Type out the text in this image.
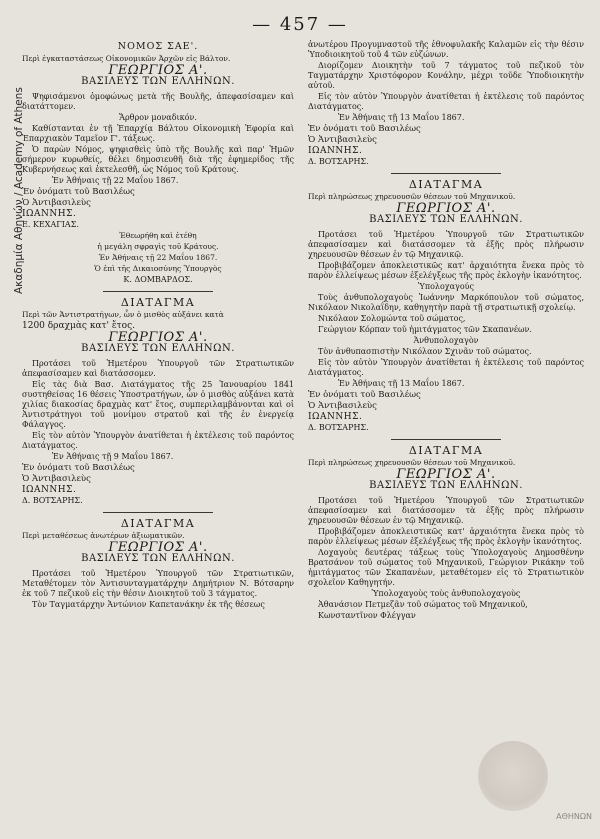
— 457 —
Ακαδημία Αθηνών / Academy of Athens
ΑΘΗΝΩΝ
ΝΟΜΟΣ ΣΑΕ'.

Περὶ ἐγκαταστάσεως Οἰκονομικῶν Ἀρχῶν εἰς Βάλτον.

ΓΕΩΡΓΙΟΣ Α'.
ΒΑΣΙΛΕΥΣ ΤΩΝ ΕΛΛΗΝΩΝ.

Ψηφισάμενοι ὁμοφώνως μετὰ τῆς Βουλῆς, ἀπεφασίσαμεν καὶ διατάττομεν.

Ἄρθρον μοναδικόν.

Καθίστανται ἐν τῇ Ἐπαρχίᾳ Βάλτου Οἰκονομικὴ Ἐφορία καὶ Ἐπαρχιακὸν Ταμεῖον Γ'. τάξεως.

Ὁ παρὼν Νόμος, ψηφισθεὶς ὑπὸ τῆς Βουλῆς καὶ παρ' Ἡμῶν σήμερον κυρωθείς, θέλει δημοσιευθῆ διὰ τῆς ἐφημερίδος τῆς Κυβερνήσεως καὶ ἐκτελεσθῆ, ὡς Νόμος τοῦ Κράτους.

Ἐν Ἀθήναις τῇ 22 Μαΐου 1867.

Ἐν ὀνόματι τοῦ Βασιλέως

Ὁ Ἀντιβασιλεὺς

ΙΩΑΝΝΗΣ.

Ε. ΚΕΧΑΓΙΑΣ.

Ἐθεωρήθη καὶ ἐτέθη

ἡ μεγάλη σφραγὶς τοῦ Κράτους.

Ἐν Ἀθήναις τῇ 22 Μαΐου 1867.

Ὁ ἐπὶ τῆς Δικαιοσύνης Ὑπουργὸς

Κ. ΔΟΜΒΑΡΔΟΣ.

ΔΙΑΤΑΓΜΑ

Περὶ τῶν Ἀντιστρατήγων, ὧν ὁ μισθὸς αὐξάνει κατὰ

1200 δραχμὰς κατ' ἔτος.

ΓΕΩΡΓΙΟΣ Α'.
ΒΑΣΙΛΕΥΣ ΤΩΝ ΕΛΛΗΝΩΝ.

Προτάσει τοῦ Ἡμετέρου Ὑπουργοῦ τῶν Στρατιωτικῶν ἀπεφασίσαμεν καὶ διατάσσομεν.

Εἰς τὰς διὰ Βασ. Διατάγματος τῆς 25 Ἰανουαρίου 1841 συστηθείσας 16 θέσεις Ὑποστρατήγων, ὧν ὁ μισθὸς αὐξάνει κατὰ χιλίας διακοσίας δραχμὰς κατ' ἔτος, συμπεριλαμβάνονται καὶ οἱ Ἀντιστράτηγοι τοῦ μονίμου στρατοῦ καὶ τῆς ἐν ἐνεργείᾳ Φάλαγγος.

Εἰς τὸν αὐτὸν Ὑπουργὸν ἀνατίθεται ἡ ἐκτέλεσις τοῦ παρόντος Διατάγματος.

Ἐν Ἀθήναις τῇ 9 Μαΐου 1867.

Ἐν ὀνόματι τοῦ Βασιλέως

Ὁ Ἀντιβασιλεὺς

ΙΩΑΝΝΗΣ.

Δ. ΒΟΤΣΑΡΗΣ.

ΔΙΑΤΑΓΜΑ

Περὶ μεταθέσεως ἀνωτέρων ἀξιωματικῶν.

ΓΕΩΡΓΙΟΣ Α'.
ΒΑΣΙΛΕΥΣ ΤΩΝ ΕΛΛΗΝΩΝ.

Προτάσει τοῦ Ἡμετέρου Ὑπουργοῦ τῶν Στρατιωτικῶν, Μεταθέτομεν τὸν Ἀντισυνταγματάρχην Δημήτριον Ν. Βότσαρην ἐκ τοῦ 7 πεζικοῦ εἰς τὴν θέσιν Διοικητοῦ τοῦ 3 τάγματος.

Τὸν Ταγματάρχην Ἀντώνιον Καπετανάκην ἐκ τῆς θέσεως

ἀνωτέρου Προγυμναστοῦ τῆς ἐθνοφυλακῆς Καλαμῶν εἰς τὴν θέσιν Ὑποδιοικητοῦ τοῦ 4 τῶν εὐζώνων.

Διορίζομεν Διοικητὴν τοῦ 7 τάγματος τοῦ πεζικοῦ τὸν Ταγματάρχην Χριστόφορον Κονάλην, μέχρι τοῦδε Ὑποδιοικητὴν αὐτοῦ.

Εἰς τὸν αὐτὸν Ὑπουργὸν ἀνατίθεται ἡ ἐκτέλεσις τοῦ παρόντος Διατάγματος.

Ἐν Ἀθήναις τῇ 13 Μαΐου 1867.

Ἐν ὀνόματι τοῦ Βασιλέως

Ὁ Ἀντιβασιλεὺς

ΙΩΑΝΝΗΣ.

Δ. ΒΟΤΣΑΡΗΣ.

ΔΙΑΤΑΓΜΑ

Περὶ πληρώσεως χηρευουσῶν θέσεων τοῦ Μηχανικοῦ.

ΓΕΩΡΓΙΟΣ Α'.
ΒΑΣΙΛΕΥΣ ΤΩΝ ΕΛΛΗΝΩΝ.

Προτάσει τοῦ Ἡμετέρου Ὑπουργοῦ τῶν Στρατιωτικῶν ἀπεφασίσαμεν καὶ διατάσσομεν τὰ ἑξῆς πρὸς πλήρωσιν χηρευουσῶν θέσεων ἐν τῷ Μηχανικῷ.

Προβιβάζομεν ἀποκλειστικῶς κατ' ἀρχαιότητα ἕνεκα πρὸς τὸ παρὸν ἐλλείψεως μέσων ἐξελέγξεως τῆς πρὸς ἐκλογὴν ἱκανότητος.

Ὑπολοχαγούς

Τοὺς ἀνθυπολοχαγοὺς Ἰωάννην Μαρκόπουλον τοῦ σώματος, Νικόλαον Νικολαΐδην, καθηγητὴν παρὰ τῇ στρατιωτικῇ σχολείῳ.

Νικόλαον Σολομώντα τοῦ σώματος,

Γεώργιον Κόρπαν τοῦ ἡμιτάγματος τῶν Σκαπανέων.

Ἀνθυπολοχαγὸν

Τὸν ἀνθυπασπιστὴν Νικόλαον Σχινᾶν τοῦ σώματος.

Εἰς τὸν αὐτὸν Ὑπουργὸν ἀνατίθεται ἡ ἐκτέλεσις τοῦ παρόντος Διατάγματος.

Ἐν Ἀθήναις τῇ 13 Μαΐου 1867.

Ἐν ὀνόματι τοῦ Βασιλέως

Ὁ Ἀντιβασιλεὺς

ΙΩΑΝΝΗΣ.

Δ. ΒΟΤΣΑΡΗΣ.

ΔΙΑΤΑΓΜΑ

Περὶ πληρώσεως χηρευουσῶν θέσεων τοῦ Μηχανικοῦ.

ΓΕΩΡΓΙΟΣ Α'.
ΒΑΣΙΛΕΥΣ ΤΩΝ ΕΛΛΗΝΩΝ.

Προτάσει τοῦ Ἡμετέρου Ὑπουργοῦ τῶν Στρατιωτικῶν ἀπεφασίσαμεν καὶ διατάσσομεν τὰ ἑξῆς πρὸς πλήρωσιν χηρευουσῶν θέσεων ἐν τῷ Μηχανικῷ.

Προβιβάζομεν ἀποκλειστικῶς κατ' ἀρχαιότητα ἕνεκα πρὸς τὸ παρὸν ἐλλείψεως μέσων ἐξελέγξεως τῆς πρὸς ἐκλογὴν ἱκανότητος.

Λοχαγοὺς δευτέρας τάξεως τοὺς Ὑπολοχαγοὺς Δημοσθένην Βρατσάνον τοῦ σώματος τοῦ Μηχανικοῦ, Γεώργιον Ρικάκην τοῦ ἡμιτάγματος τῶν Σκαπανέων, μεταθέτομεν εἰς τὸ Στρατιωτικὸν σχολεῖον Καθηγητήν.

Ὑπολοχαγοὺς τοὺς ἀνθυπολοχαγοὺς

Ἀθανάσιον Πετμεζᾶν τοῦ σώματος τοῦ Μηχανικοῦ,

Κωνσταντῖνον Φλέγγαν
